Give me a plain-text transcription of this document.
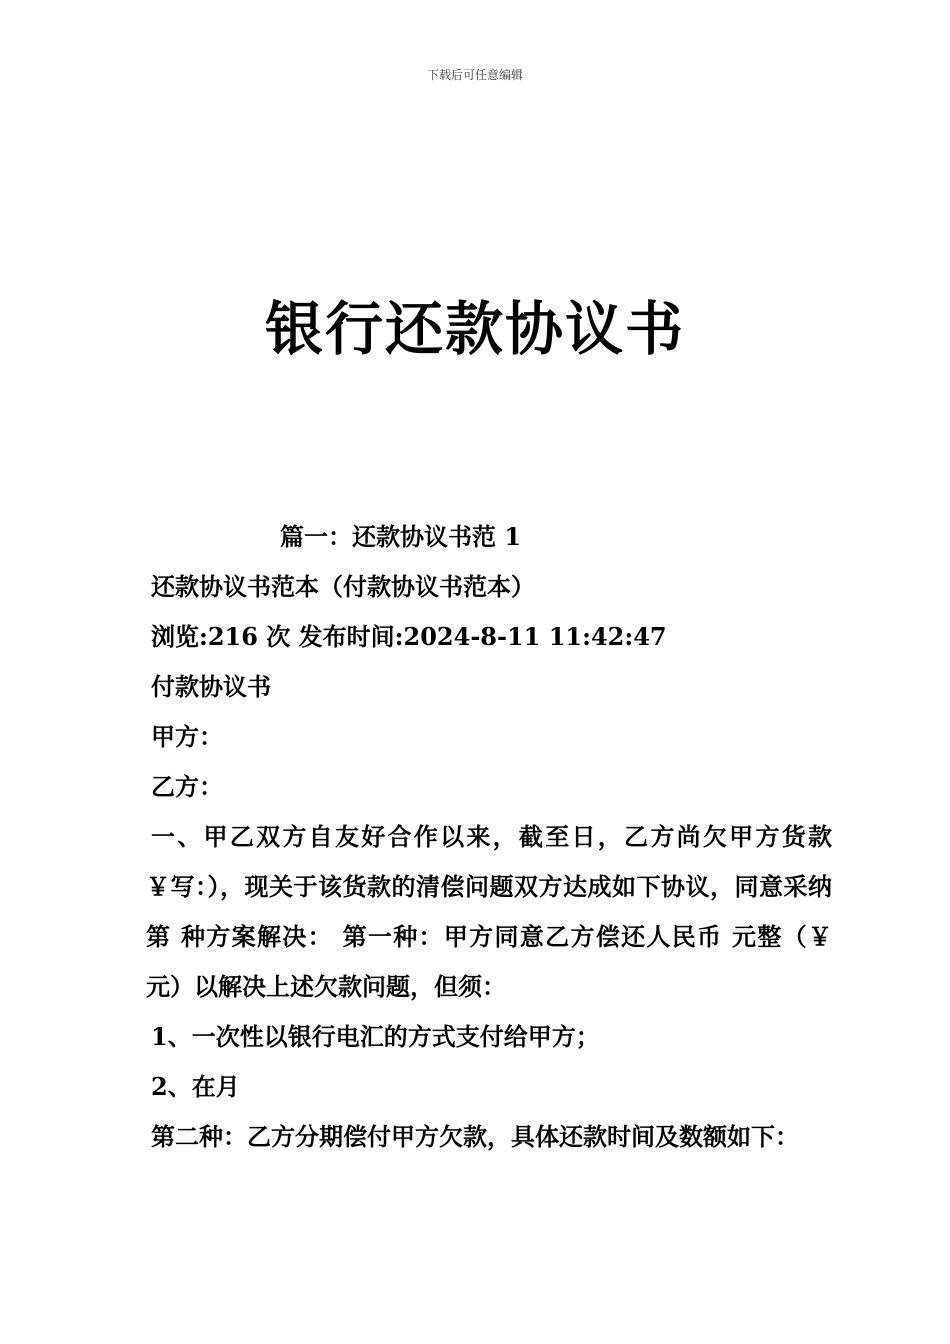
下载后可任意编辑
银行还款协议书
篇一：还款协议书范 1
还款协议书范本（付款协议书范本）
浏览:216 次 发布时间:2024-8-11 11:42:47
付款协议书
甲方：
乙方：
一、甲乙双方自友好合作以来，截至日，乙方尚欠甲方货款￥写：），现关于该货款的清偿问题双方达成如下协议，同意采纳第 种方案解决： 第一种：甲方同意乙方偿还人民币 元整（￥ 元）以解决上述欠款问题，但须：
1、一次性以银行电汇的方式支付给甲方；
2、在月
第二种：乙方分期偿付甲方欠款，具体还款时间及数额如下：
